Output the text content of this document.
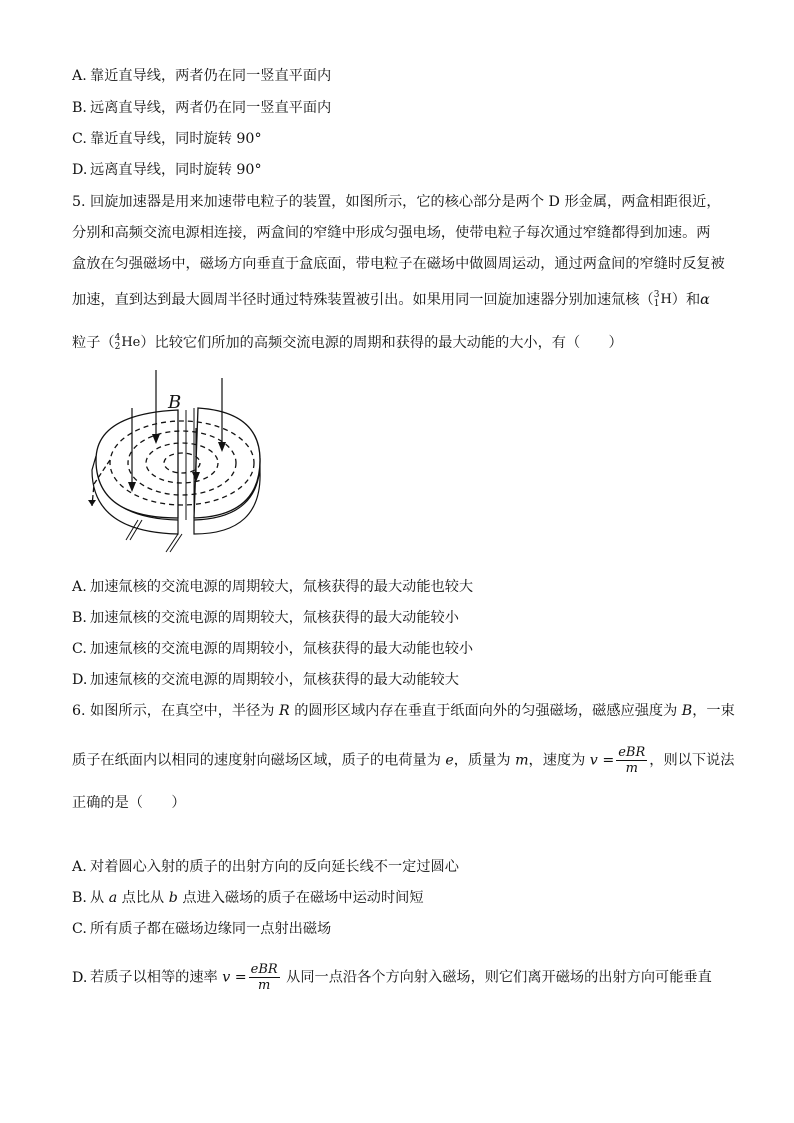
A. 靠近直导线，两者仍在同一竖直平面内
B. 远离直导线，两者仍在同一竖直平面内
C. 靠近直导线，同时旋转 90°
D. 远离直导线，同时旋转 90°
5. 回旋加速器是用来加速带电粒子的装置，如图所示，它的核心部分是两个 D 形金属，两盒相距很近，
分别和高频交流电源相连接，两盒间的窄缝中形成匀强电场，使带电粒子每次通过窄缝都得到加速。两
盒放在匀强磁场中，磁场方向垂直于盒底面，带电粒子在磁场中做圆周运动，通过两盒间的窄缝时反复被
加速，直到达到最大圆周半径时通过特殊装置被引出。如果用同一回旋加速器分别加速氚核（ 3
1 H）和α
粒子（ 4
2 He）比较它们所加的高频交流电源的周期和获得的最大动能的大小，有（　　）
B
A. 加速氚核的交流电源的周期较大，氚核获得的最大动能也较大
B. 加速氚核的交流电源的周期较大，氚核获得的最大动能较小
C. 加速氚核的交流电源的周期较小，氚核获得的最大动能也较小
D. 加速氚核的交流电源的周期较小，氚核获得的最大动能较大
6. 如图所示，在真空中，半径为 R 的圆形区域内存在垂直于纸面向外的匀强磁场，磁感应强度为 B，一束
质子在纸面内以相同的速度射向磁场区域，质子的电荷量为 e，质量为 m，速度为 $v = \frac{\text{eBR}}{m}$ ，则以下说法
正确的是（　　）
A. 对着圆心入射的质子的出射方向的反向延长线不一定过圆心
B. 从 a 点比从 b 点进入磁场的质子在磁场中运动时间短
C. 所有质子都在磁场边缘同一点射出磁场
D. 若质子以相等的速率 $v = \frac{\text{eBR}}{m}$ 从同一点沿各个方向射入磁场，则它们离开磁场的出射方向可能垂直
